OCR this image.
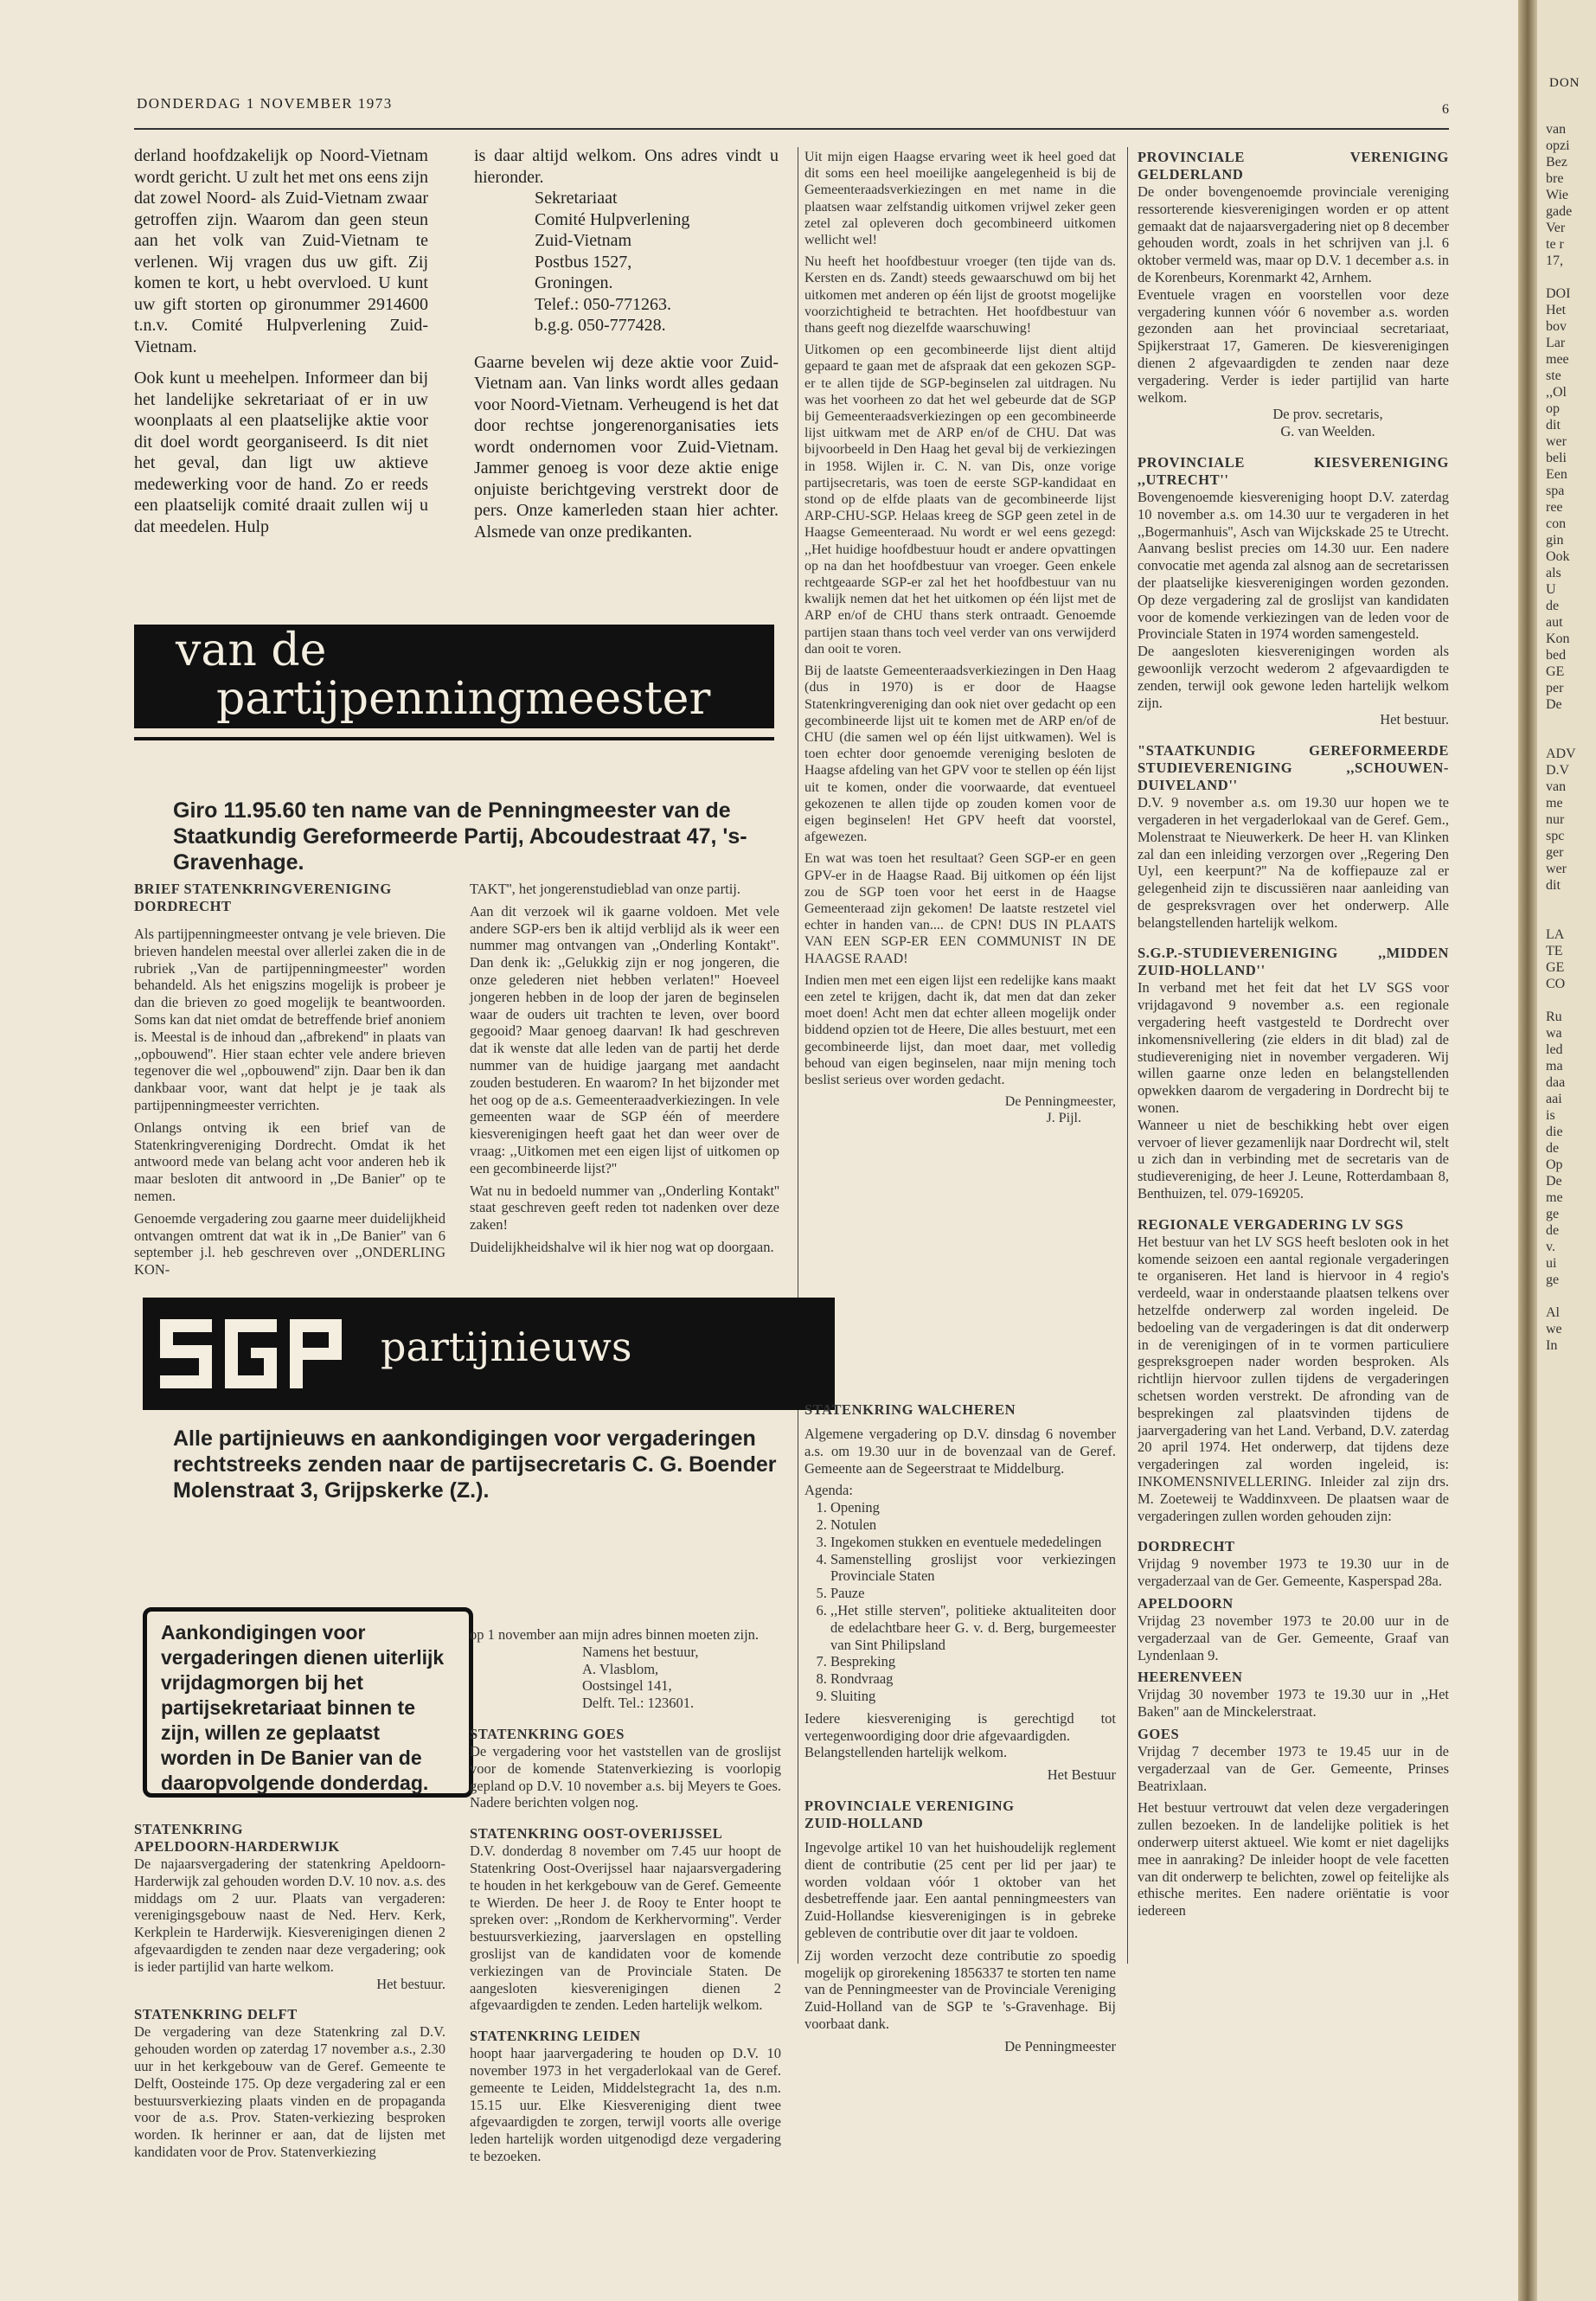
DONDERDAG 1 NOVEMBER 1973	6

derland hoofdzakelijk op Noord-Vietnam wordt gericht. U zult het met ons eens zijn dat zowel Noord- als Zuid-Vietnam zwaar getroffen zijn. Waarom dan geen steun aan het volk van Zuid-Vietnam te verlenen. Wij vragen dus uw gift. Zij komen te kort, u hebt overvloed. U kunt uw gift storten op gironummer 2914600 t.n.v. Comité Hulpverlening Zuid-Vietnam.

Ook kunt u meehelpen. Informeer dan bij het landelijke sekretariaat of er in uw woonplaats al een plaatselijke aktie voor dit doel wordt georganiseerd. Is dit niet het geval, dan ligt uw aktieve medewerking voor de hand. Zo er reeds een plaatselijk comité draait zullen wij u dat meedelen. Hulp

is daar altijd welkom. Ons adres vindt u hieronder.

Sekretariaat
Comité Hulpverlening
Zuid-Vietnam
Postbus 1527,
Groningen.
Telef.: 050-771263.
b.g.g. 050-777428.

Gaarne bevelen wij deze aktie voor Zuid-Vietnam aan. Van links wordt alles gedaan voor Noord-Vietnam. Verheugend is het dat door rechtse jongerenorganisaties iets wordt ondernomen voor Zuid-Vietnam. Jammer genoeg is voor deze aktie enige onjuiste berichtgeving verstrekt door de pers. Onze kamerleden staan hier achter. Alsmede van onze predikanten.

van de
partijpenningmeester
Giro 11.95.60 ten name van de Penningmeester van de Staatkundig Gereformeerde Partij, Abcoudestraat 47, 's-Gravenhage.

BRIEF STATENKRINGVERENIGING

DORDRECHT

Als partijpenningmeester ontvang je vele brieven. Die brieven handelen meestal over allerlei zaken die in de rubriek ,,Van de partijpenningmeester'' worden behandeld. Als het enigszins mogelijk is probeer je dan die brieven zo goed mogelijk te beantwoorden. Soms kan dat niet omdat de betreffende brief anoniem is. Meestal is de inhoud dan ,,afbrekend'' in plaats van ,,opbouwend''. Hier staan echter vele andere brieven tegenover die wel ,,opbouwend'' zijn. Daar ben ik dan dankbaar voor, want dat helpt je je taak als partijpenningmeester verrichten.

Onlangs ontving ik een brief van de Statenkringvereniging Dordrecht. Omdat ik het antwoord mede van belang acht voor anderen heb ik maar besloten dit antwoord in ,,De Banier'' op te nemen.

Genoemde vergadering zou gaarne meer duidelijkheid ontvangen omtrent dat wat ik in ,,De Banier'' van 6 september j.l. heb geschreven over ,,ONDERLING KON-

TAKT'', het jongerenstudieblad van onze partij.

Aan dit verzoek wil ik gaarne voldoen. Met vele andere SGP-ers ben ik altijd verblijd als ik weer een nummer mag ontvangen van ,,Onderling Kontakt''. Dan denk ik: ,,Gelukkig zijn er nog jongeren, die onze gelederen niet hebben verlaten!'' Hoeveel jongeren hebben in de loop der jaren de beginselen waar de ouders uit trachten te leven, over boord gegooid? Maar genoeg daarvan! Ik had geschreven dat ik wenste dat alle leden van de partij het derde nummer van de huidige jaargang met aandacht zouden bestuderen. En waarom? In het bijzonder met het oog op de a.s. Gemeenteraadverkiezingen. In vele gemeenten waar de SGP één of meerdere kiesverenigingen heeft gaat het dan weer over de vraag: ,,Uitkomen met een eigen lijst of uitkomen op een gecombineerde lijst?''

Wat nu in bedoeld nummer van ,,Onderling Kontakt'' staat geschreven geeft reden tot nadenken over deze zaken!

Duidelijkheidshalve wil ik hier nog wat op doorgaan.

Uit mijn eigen Haagse ervaring weet ik heel goed dat dit soms een heel moeilijke aangelegenheid is bij de Gemeenteraadsverkiezingen en met name in die plaatsen waar zelfstandig uitkomen vrijwel zeker geen zetel zal opleveren doch gecombineerd uitkomen wellicht wel!

Nu heeft het hoofdbestuur vroeger (ten tijde van ds. Kersten en ds. Zandt) steeds gewaarschuwd om bij het uitkomen met anderen op één lijst de grootst mogelijke voorzichtigheid te betrachten. Het hoofdbestuur van thans geeft nog diezelfde waarschuwing!

Uitkomen op een gecombineerde lijst dient altijd gepaard te gaan met de afspraak dat een gekozen SGP-er te allen tijde de SGP-beginselen zal uitdragen. Nu was het voorheen zo dat het wel gebeurde dat de SGP bij Gemeenteraadsverkiezingen op een gecombineerde lijst uitkwam met de ARP en/of de CHU. Dat was bijvoorbeeld in Den Haag het geval bij de verkiezingen in 1958. Wijlen ir. C. N. van Dis, onze vorige partijsecretaris, was toen de eerste SGP-kandidaat en stond op de elfde plaats van de gecombineerde lijst ARP-CHU-SGP. Helaas kreeg de SGP geen zetel in de Haagse Gemeenteraad. Nu wordt er wel eens gezegd: ,,Het huidige hoofdbestuur houdt er andere opvattingen op na dan het hoofdbestuur van vroeger. Geen enkele rechtgeaarde SGP-er zal het het hoofdbestuur van nu kwalijk nemen dat het het uitkomen op één lijst met de ARP en/of de CHU thans sterk ontraadt. Genoemde partijen staan thans toch veel verder van ons verwijderd dan ooit te voren.

Bij de laatste Gemeenteraadsverkiezingen in Den Haag (dus in 1970) is er door de Haagse Statenkringvereniging dan ook niet over gedacht op een gecombineerde lijst uit te komen met de ARP en/of de CHU (die samen wel op één lijst uitkwamen). Wel is toen echter door genoemde vereniging besloten de Haagse afdeling van het GPV voor te stellen op één lijst uit te komen, onder die voorwaarde, dat eventueel gekozenen te allen tijde op zouden komen voor de eigen beginselen! Het GPV heeft dat voorstel, afgewezen.

En wat was toen het resultaat? Geen SGP-er en geen GPV-er in de Haagse Raad. Bij uitkomen op één lijst zou de SGP toen voor het eerst in de Haagse Gemeenteraad zijn gekomen! De laatste restzetel viel echter in handen van.... de CPN! DUS IN PLAATS VAN EEN SGP-ER EEN COMMUNIST IN DE HAAGSE RAAD!

Indien men met een eigen lijst een redelijke kans maakt een zetel te krijgen, dacht ik, dat men dat dan zeker moet doen! Acht men dat echter alleen mogelijk onder biddend opzien tot de Heere, Die alles bestuurt, met een gecombineerde lijst, dan moet daar, met volledig behoud van eigen beginselen, naar mijn mening toch beslist serieus over worden gedacht.

De Penningmeester,

J. Pijl.

PROVINCIALE VERENIGING GELDERLAND

De onder bovengenoemde provinciale vereniging ressorterende kiesverenigingen worden er op attent gemaakt dat de najaarsvergadering niet op 8 december gehouden wordt, zoals in het schrijven van j.l. 6 oktober vermeld was, maar op D.V. 1 december a.s. in de Korenbeurs, Korenmarkt 42, Arnhem.

Eventuele vragen en voorstellen voor deze vergadering kunnen vóór 6 november a.s. worden gezonden aan het provinciaal secretariaat, Spijkerstraat 17, Gameren. De kiesverenigingen dienen 2 afgevaardigden te zenden naar deze vergadering. Verder is ieder partijlid van harte welkom.

De prov. secretaris,

G. van Weelden.

PROVINCIALE KIESVERENIGING ,,UTRECHT''

Bovengenoemde kiesvereniging hoopt D.V. zaterdag 10 november a.s. om 14.30 uur te vergaderen in het ,,Bogermanhuis'', Asch van Wijckskade 25 te Utrecht. Aanvang beslist precies om 14.30 uur. Een nadere convocatie met agenda zal alsnog aan de secretarissen der plaatselijke kiesverenigingen worden gezonden. Op deze vergadering zal de groslijst van kandidaten voor de komende verkiezingen van de leden voor de Provinciale Staten in 1974 worden samengesteld.

De aangesloten kiesverenigingen worden als gewoonlijk verzocht wederom 2 afgevaardigden te zenden, terwijl ook gewone leden hartelijk welkom zijn.

Het bestuur.

"STAATKUNDIG GEREFORMEERDE STUDIEVERENIGING ,,SCHOUWEN-DUIVELAND''

D.V. 9 november a.s. om 19.30 uur hopen we te vergaderen in het vergaderlokaal van de Geref. Gem., Molenstraat te Nieuwerkerk. De heer H. van Klinken zal dan een inleiding verzorgen over ,,Regering Den Uyl, een keerpunt?'' Na de koffiepauze zal er gelegenheid zijn te discussiëren naar aanleiding van de gespreksvragen over het onderwerp. Alle belangstellenden hartelijk welkom.

S.G.P.-STUDIEVERENIGING ,,MIDDEN ZUID-HOLLAND''

In verband met het feit dat het LV SGS voor vrijdagavond 9 november a.s. een regionale vergadering heeft vastgesteld te Dordrecht over inkomensnivellering (zie elders in dit blad) zal de studievereniging niet in november vergaderen. Wij willen gaarne onze leden en belangstellenden opwekken daarom de vergadering in Dordrecht bij te wonen.

Wanneer u niet de beschikking hebt over eigen vervoer of liever gezamenlijk naar Dordrecht wil, stelt u zich dan in verbinding met de secretaris van de studievereniging, de heer J. Leune, Rotterdambaan 8, Benthuizen, tel. 079-169205.

REGIONALE VERGADERING LV SGS

Het bestuur van het LV SGS heeft besloten ook in het komende seizoen een aantal regionale vergaderingen te organiseren. Het land is hiervoor in 4 regio's verdeeld, waar in onderstaande plaatsen telkens over hetzelfde onderwerp zal worden ingeleid. De bedoeling van de vergaderingen is dat dit onderwerp in de verenigingen of in te vormen particuliere gespreksgroepen nader worden besproken. Als richtlijn hiervoor zullen tijdens de vergaderingen schetsen worden verstrekt. De afronding van de besprekingen zal plaatsvinden tijdens de jaarvergadering van het Land. Verband, D.V. zaterdag 20 april 1974. Het onderwerp, dat tijdens deze vergaderingen zal worden ingeleid, is: INKOMENSNIVELLERING. Inleider zal zijn drs. M. Zoeteweij te Waddinxveen. De plaatsen waar de vergaderingen zullen worden gehouden zijn:

DORDRECHT

Vrijdag 9 november 1973 te 19.30 uur in de vergaderzaal van de Ger. Gemeente, Kasperspad 28a.

APELDOORN

Vrijdag 23 november 1973 te 20.00 uur in de vergaderzaal van de Ger. Gemeente, Graaf van Lyndenlaan 9.

HEERENVEEN

Vrijdag 30 november 1973 te 19.30 uur in ,,Het Baken'' aan de Minckelerstraat.

GOES

Vrijdag 7 december 1973 te 19.45 uur in de vergaderzaal van de Ger. Gemeente, Prinses Beatrixlaan.

Het bestuur vertrouwt dat velen deze vergaderingen zullen bezoeken. In de landelijke politiek is het onderwerp uiterst aktueel. Wie komt er niet dagelijks mee in aanraking? De inleider hoopt de vele facetten van dit onderwerp te belichten, zowel op feitelijke als ethische merites. Een nadere oriëntatie is voor iedereen

SGP
partijnieuws
Alle partijnieuws en aankondigingen voor vergaderingen rechtstreeks zenden naar de partijsecretaris C. G. Boender Molenstraat 3, Grijpskerke (Z.).
Aankondigingen voor vergaderingen dienen uiterlijk vrijdagmorgen bij het partijsekretariaat binnen te zijn, willen ze geplaatst worden in De Banier van de daaropvolgende donderdag.

STATENKRING

APELDOORN-HARDERWIJK

De najaarsvergadering der statenkring Apeldoorn-Harderwijk zal gehouden worden D.V. 10 nov. a.s. des middags om 2 uur. Plaats van vergaderen: verenigingsgebouw naast de Ned. Herv. Kerk, Kerkplein te Harderwijk. Kiesverenigingen dienen 2 afgevaardigden te zenden naar deze vergadering; ook is ieder partijlid van harte welkom.

Het bestuur.

STATENKRING DELFT

De vergadering van deze Statenkring zal D.V. gehouden worden op zaterdag 17 november a.s., 2.30 uur in het kerkgebouw van de Geref. Gemeente te Delft, Oosteinde 175. Op deze vergadering zal er een bestuursverkiezing plaats vinden en de propaganda voor de a.s. Prov. Staten-verkiezing besproken worden. Ik herinner er aan, dat de lijsten met kandidaten voor de Prov. Statenverkiezing

op 1 november aan mijn adres binnen moeten zijn.

Namens het bestuur,
A. Vlasblom,
Oostsingel 141,
Delft. Tel.: 123601.

STATENKRING GOES

De vergadering voor het vaststellen van de groslijst voor de komende Statenverkiezing is voorlopig gepland op D.V. 10 november a.s. bij Meyers te Goes. Nadere berichten volgen nog.

STATENKRING OOST-OVERIJSSEL

D.V. donderdag 8 november om 7.45 uur hoopt de Statenkring Oost-Overijssel haar najaarsvergadering te houden in het kerkgebouw van de Geref. Gemeente te Wierden. De heer J. de Rooy te Enter hoopt te spreken over: ,,Rondom de Kerkhervorming''. Verder bestuursverkiezing, jaarverslagen en opstelling groslijst van de kandidaten voor de komende verkiezingen van de Provinciale Staten. De aangesloten kiesverenigingen dienen 2 afgevaardigden te zenden. Leden hartelijk welkom.

STATENKRING LEIDEN

hoopt haar jaarvergadering te houden op D.V. 10 november 1973 in het vergaderlokaal van de Geref. gemeente te Leiden, Middelstegracht 1a, des n.m. 15.15 uur. Elke Kiesvereniging dient twee afgevaardigden te zorgen, terwijl voorts alle overige leden hartelijk worden uitgenodigd deze vergadering te bezoeken.

STATENKRING WALCHEREN

Algemene vergadering op D.V. dinsdag 6 november a.s. om 19.30 uur in de bovenzaal van de Geref. Gemeente aan de Segeerstraat te Middelburg.

Agenda:

1. Opening
2. Notulen
3. Ingekomen stukken en eventuele mededelingen
4. Samenstelling groslijst voor verkiezingen Provinciale Staten
5. Pauze
6. ,,Het stille sterven'', politieke aktualiteiten door de edelachtbare heer G. v. d. Berg, burgemeester van Sint Philipsland
7. Bespreking
8. Rondvraag
9. Sluiting

Iedere kiesvereniging is gerechtigd tot vertegenwoordiging door drie afgevaardigden.

Belangstellenden hartelijk welkom.

Het Bestuur

PROVINCIALE VERENIGING

ZUID-HOLLAND

Ingevolge artikel 10 van het huishoudelijk reglement dient de contributie (25 cent per lid per jaar) te worden voldaan vóór 1 oktober van het desbetreffende jaar. Een aantal penningmeesters van Zuid-Hollandse kiesverenigingen is in gebreke gebleven de contributie over dit jaar te voldoen.

Zij worden verzocht deze contributie zo spoedig mogelijk op girorekening 1856337 te storten ten name van de Penningmeester van de Provinciale Vereniging Zuid-Holland van de SGP te 's-Gravenhage. Bij voorbaat dank.

De Penningmeester

DON
van
opzi
Bez
bre
Wie
gade
Ver
te r
17,

DOI
Het
bov
Lar
mee
ste
,,Ol
op
dit
wer
beli
Een
spa
ree
con
gin
Ook
als
U
de
aut
Kon
bed
GE
per
De

ADV
D.V
van
me
nur
spc
ger
wer
dit

LA
TE
GE
CO

Ru
wa
led
ma
daa
aai
is
die
de
Op
De
me
ge
de
v.
ui
ge

Al
we
In
